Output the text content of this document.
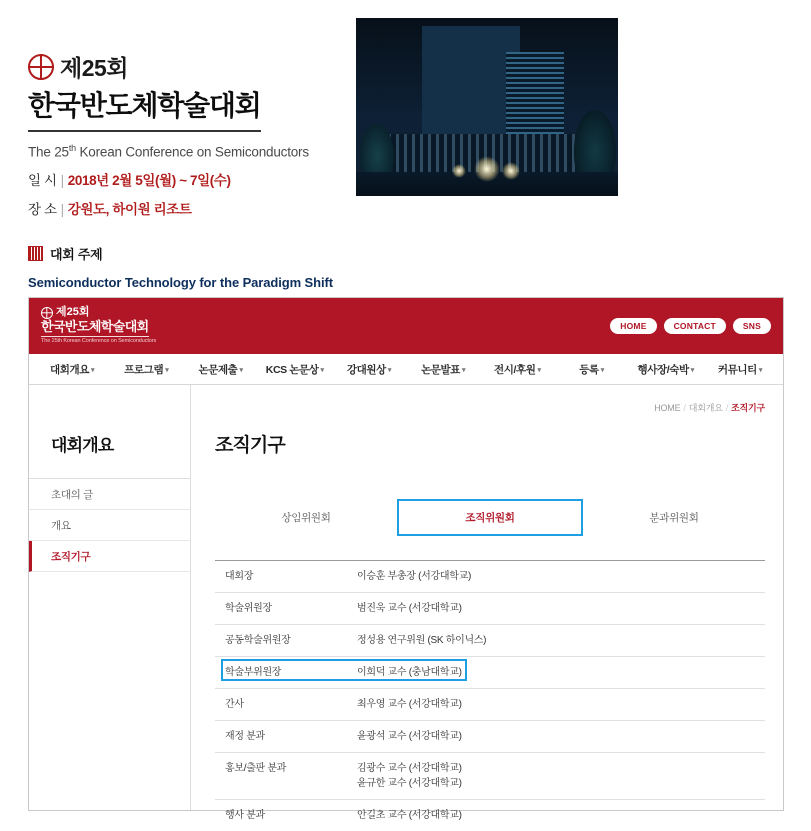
제25회
한국반도체학술대회
The 25th Korean Conference on Semiconductors
일 시 | 2018년 2월 5일(월) ~ 7일(수)
장 소 | 강원도, 하이원 리조트
대회 주제
Semiconductor Technology for the Paradigm Shift
제25회
한국반도체학술대회
The 25th Korean Conference on Semiconductors
HOME	CONTACT	SNS
대회개요 ▾	프로그램 ▾	논문제출 ▾	KCS 논문상 ▾	강대원상 ▾	논문발표 ▾	전시/후원 ▾	등록 ▾	행사장/숙박 ▾	커뮤니티 ▾
대회개요
초대의 글
개요
조직기구
HOME / 대회개요 / 조직기구
조직기구
상임위원회	조직위원회	분과위원회
대회장	이승훈 부총장 (서강대학교)
학술위원장	범진욱 교수 (서강대학교)
공동학술위원장	정성용 연구위원 (SK 하이닉스)
학술부위원장	이희덕 교수 (충남대학교)

간사	최우영 교수 (서강대학교)
재정 분과	윤광석 교수 (서강대학교)
홍보/출판 분과	김광수 교수 (서강대학교)
윤규한 교수 (서강대학교)

행사 분과	안길초 교수 (서강대학교)
